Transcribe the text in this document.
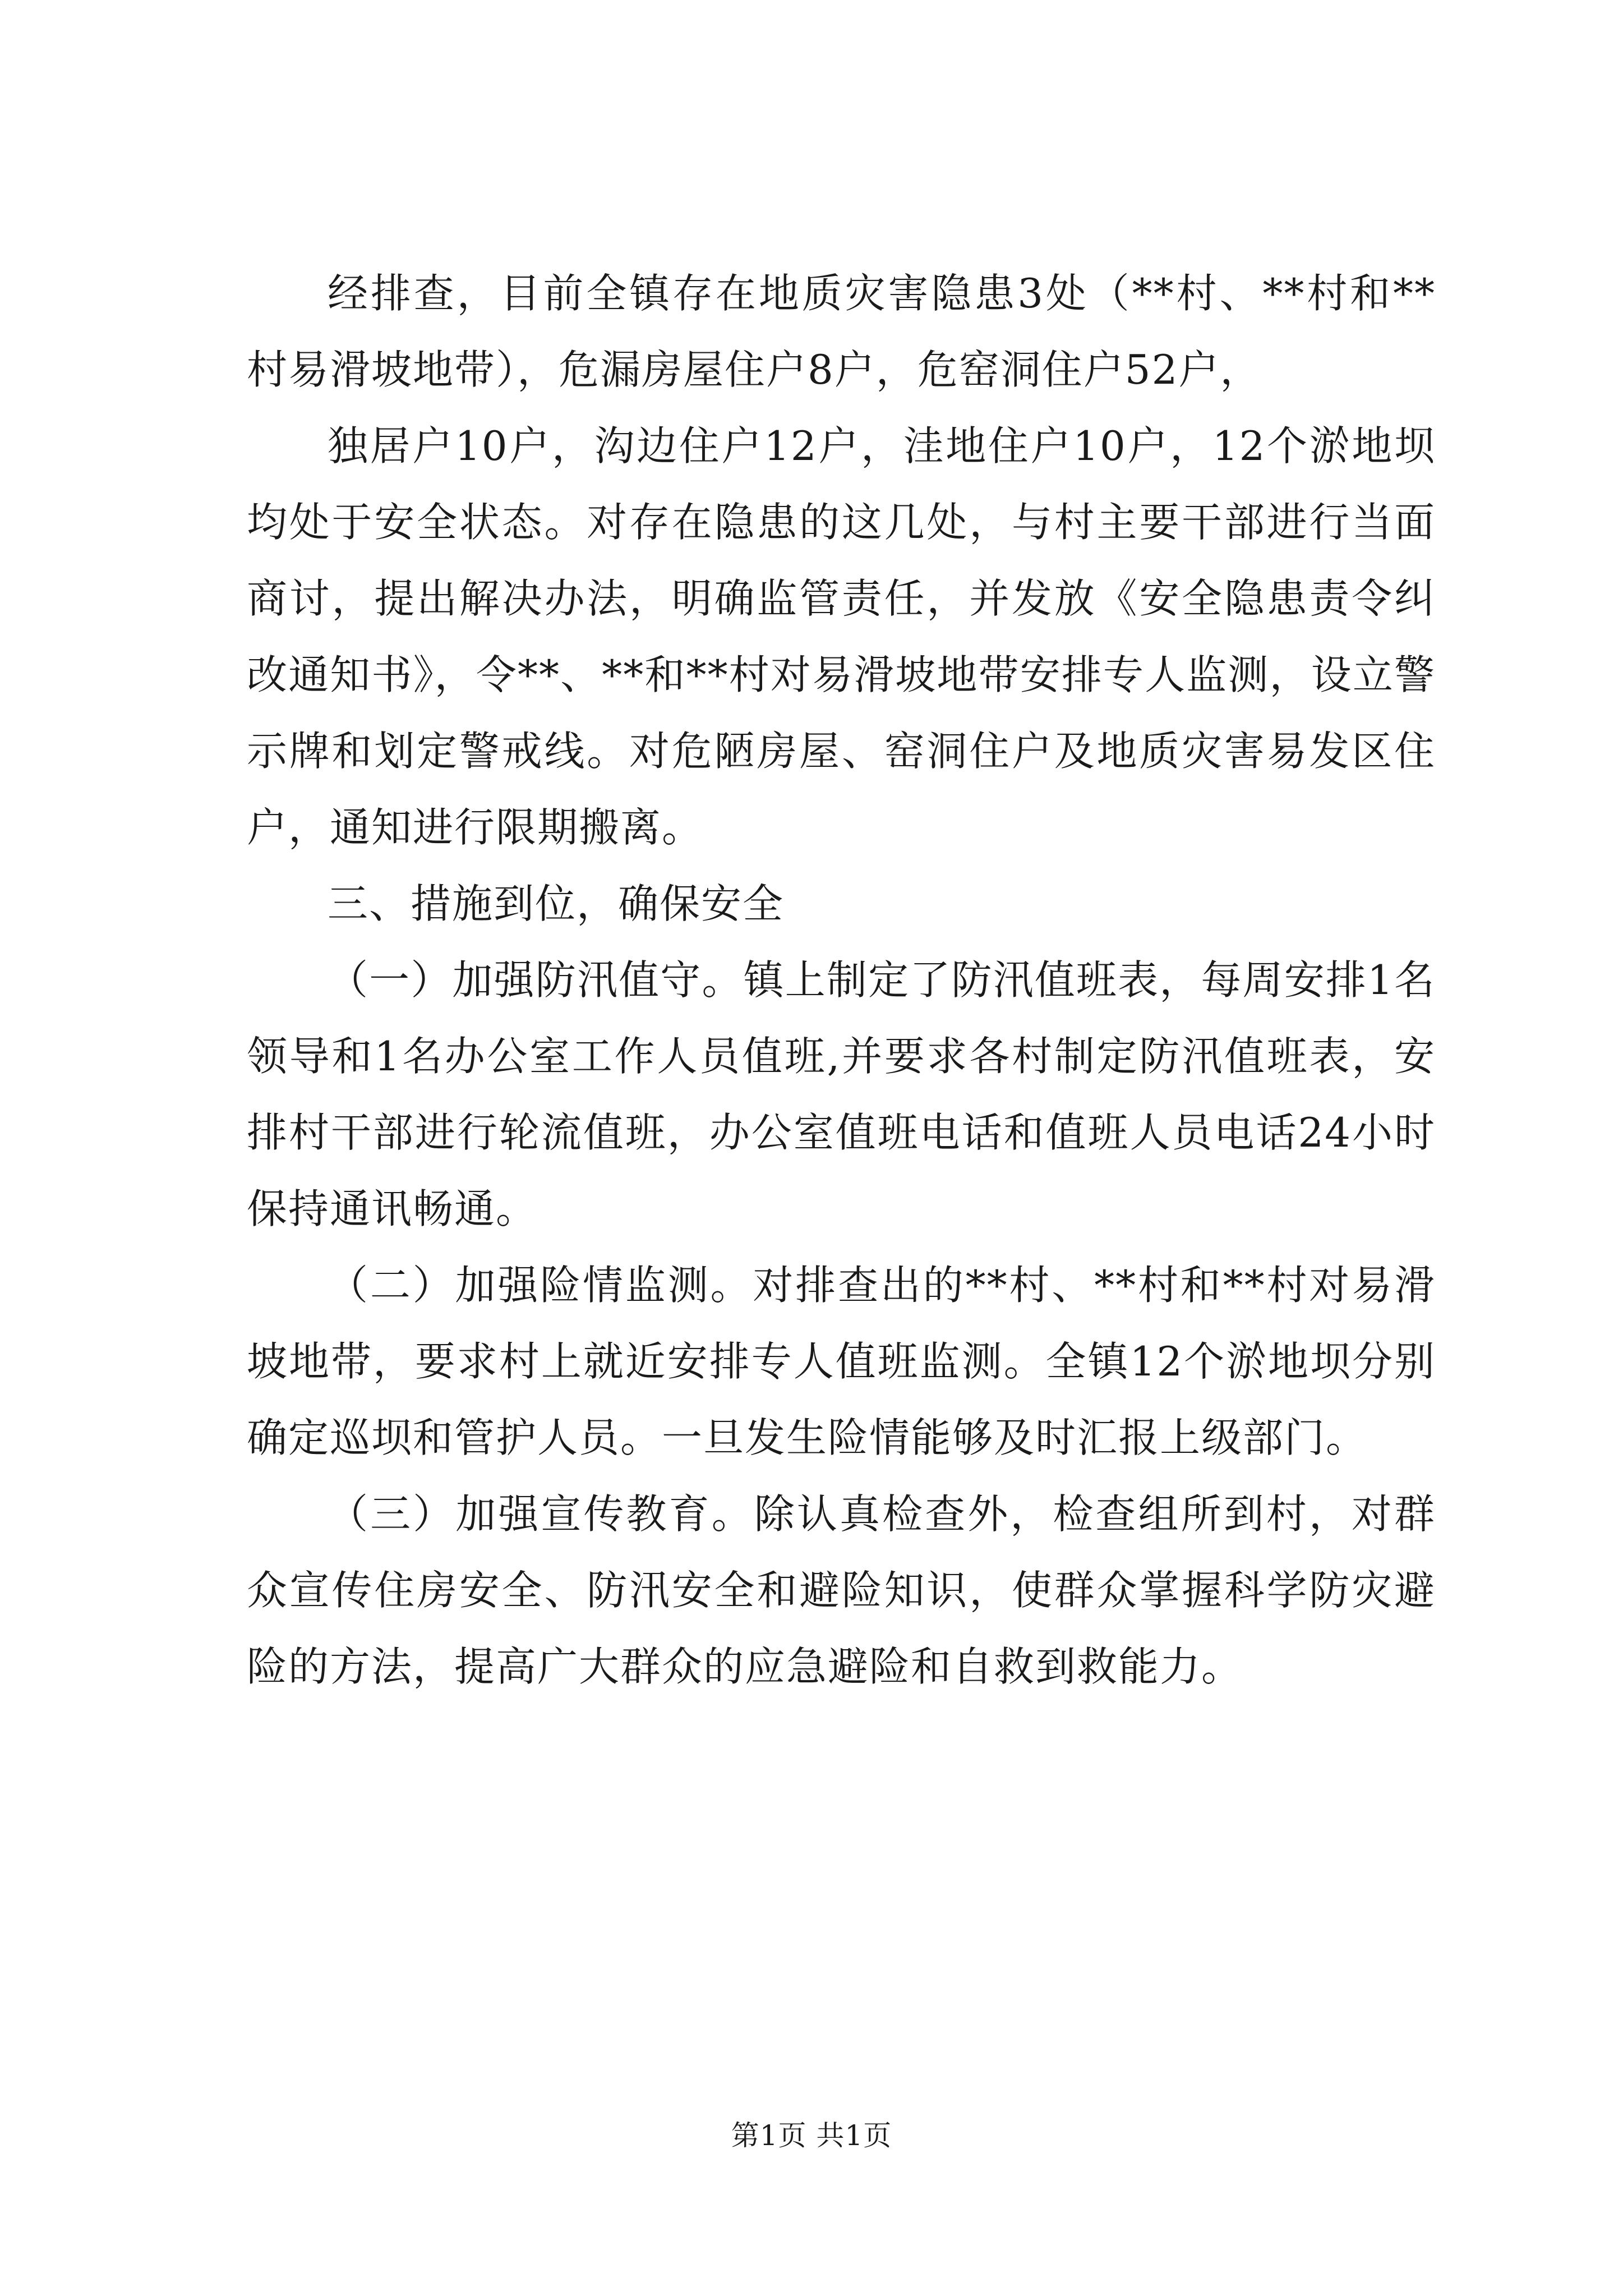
经排查，目前全镇存在地质灾害隐患3处（**村、**村和**村易滑坡地带），危漏房屋住户8户，危窑洞住户52户，

独居户10户，沟边住户12户，洼地住户10户，12个淤地坝均处于安全状态。对存在隐患的这几处，与村主要干部进行当面商讨，提出解决办法，明确监管责任，并发放《安全隐患责令纠改通知书》，令**、**和**村对易滑坡地带安排专人监测，设立警示牌和划定警戒线。对危陋房屋、窑洞住户及地质灾害易发区住户，通知进行限期搬离。

三、措施到位，确保安全

（一）加强防汛值守。镇上制定了防汛值班表，每周安排1名领导和1名办公室工作人员值班,并要求各村制定防汛值班表，安排村干部进行轮流值班，办公室值班电话和值班人员电话24小时保持通讯畅通。

（二）加强险情监测。对排查出的**村、**村和**村对易滑坡地带，要求村上就近安排专人值班监测。全镇12个淤地坝分别确定巡坝和管护人员。一旦发生险情能够及时汇报上级部门。

（三）加强宣传教育。除认真检查外，检查组所到村，对群众宣传住房安全、防汛安全和避险知识，使群众掌握科学防灾避险的方法，提高广大群众的应急避险和自救到救能力。

第1页 共1页
